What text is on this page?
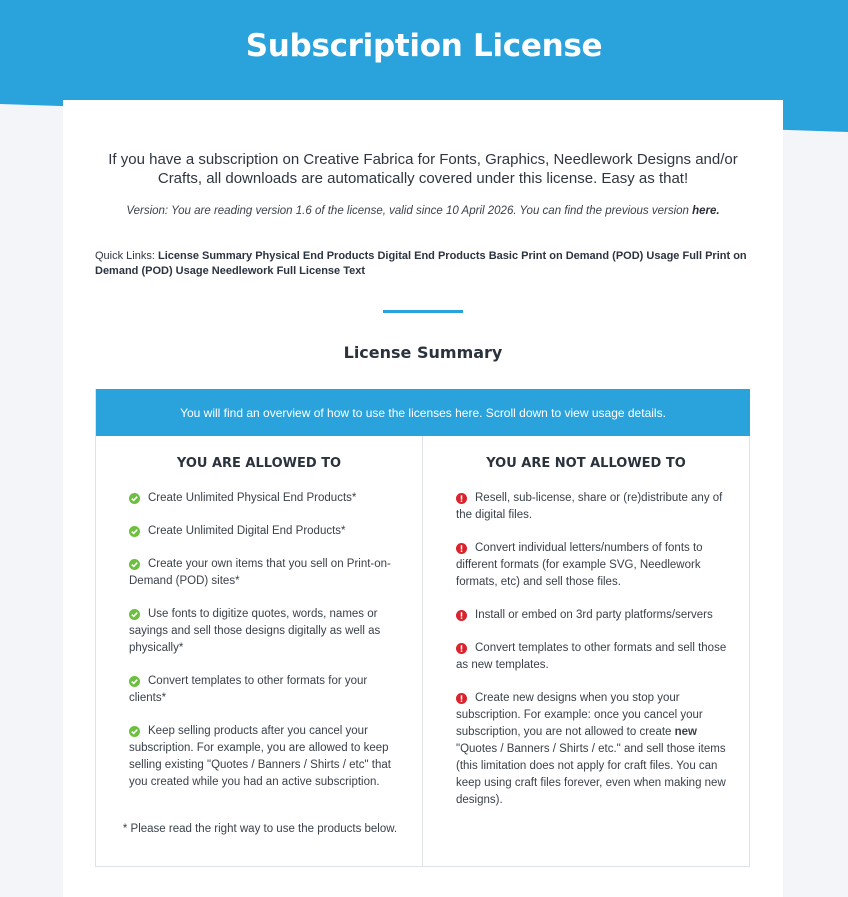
Subscription License

If you have a subscription on Creative Fabrica for Fonts, Graphics, Needlework Designs and/or Crafts, all downloads are automatically covered under this license. Easy as that!

Version: You are reading version 1.6 of the license, valid since 10 April 2026. You can find the previous version here.

Quick Links: License Summary Physical End Products Digital End Products Basic Print on Demand (POD) Usage Full Print on Demand (POD) Usage Needlework Full License Text

License Summary
You will find an overview of how to use the licenses here. Scroll down to view usage details.
YOU ARE ALLOWED TO
Create Unlimited Physical End Products*
Create Unlimited Digital End Products*
Create your own items that you sell on Print-on-Demand (POD) sites*
Use fonts to digitize quotes, words, names or sayings and sell those designs digitally as well as physically*
Convert templates to other formats for your clients*
Keep selling products after you cancel your subscription. For example, you are allowed to keep selling existing "Quotes / Banners / Shirts / etc" that you created while you had an active subscription.

* Please read the right way to use the products below.

YOU ARE NOT ALLOWED TO
Resell, sub-license, share or (re)distribute any of the digital files.
Convert individual letters/numbers of fonts to different formats (for example SVG, Needlework formats, etc) and sell those files.
Install or embed on 3rd party platforms/servers
Convert templates to other formats and sell those as new templates.
Create new designs when you stop your subscription. For example: once you cancel your subscription, you are not allowed to create new "Quotes / Banners / Shirts / etc." and sell those items (this limitation does not apply for craft files. You can keep using craft files forever, even when making new designs).
